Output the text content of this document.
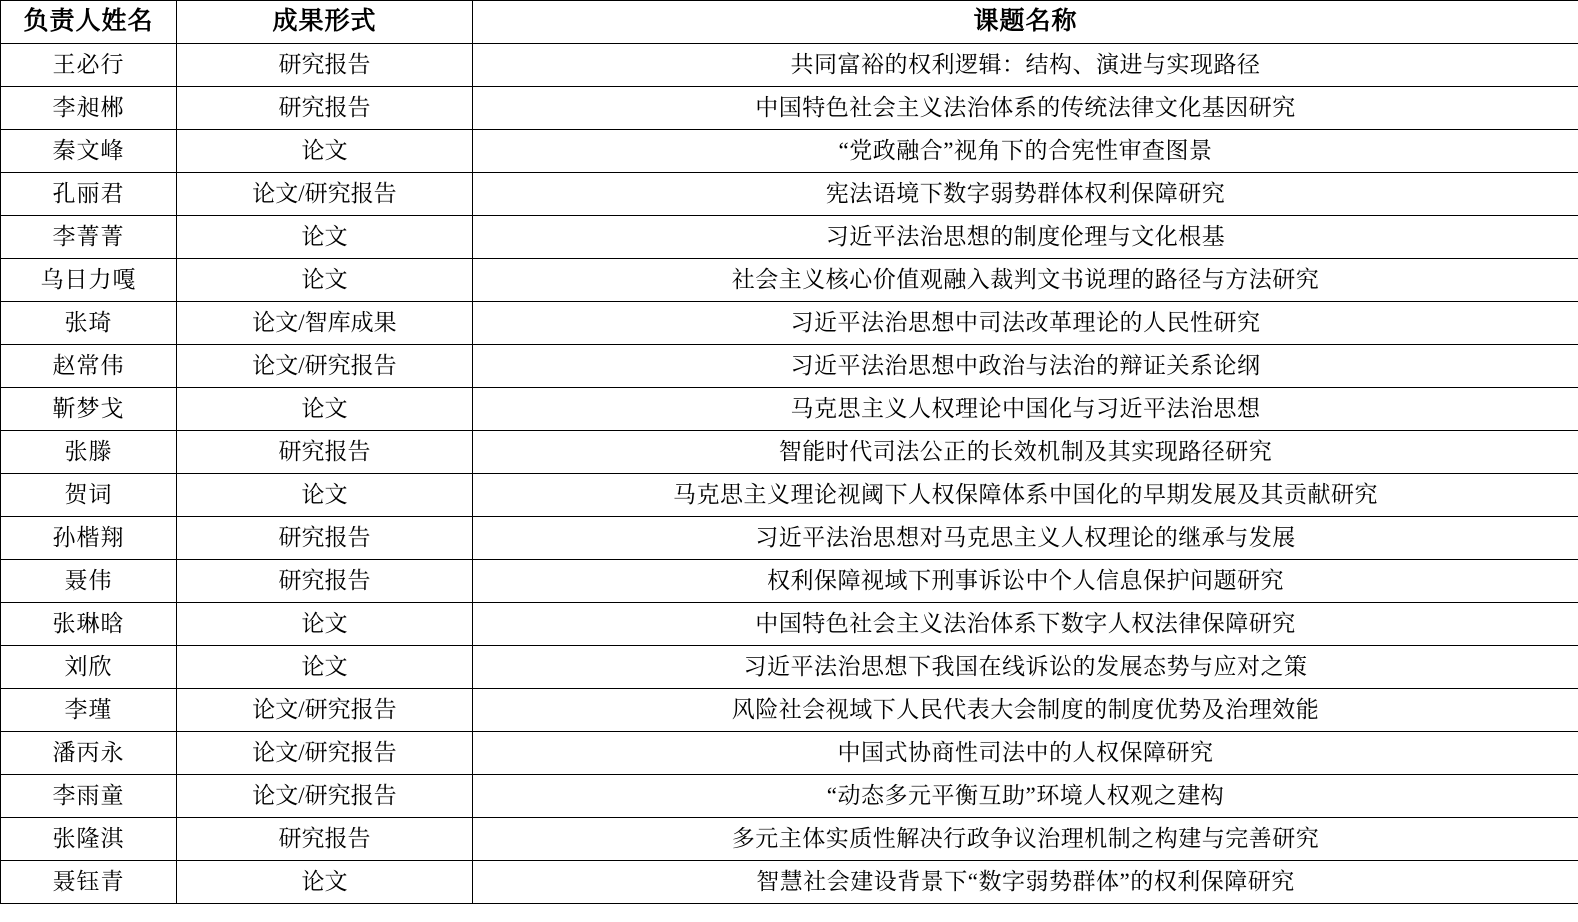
负责人姓名	成果形式	课题名称
王必行	研究报告	共同富裕的权利逻辑：结构、演进与实现路径
李昶郴	研究报告	中国特色社会主义法治体系的传统法律文化基因研究
秦文峰	论文	“党政融合”视角下的合宪性审查图景
孔丽君	论文/研究报告	宪法语境下数字弱势群体权利保障研究
李菁菁	论文	习近平法治思想的制度伦理与文化根基
乌日力嘎	论文	社会主义核心价值观融入裁判文书说理的路径与方法研究
张琦	论文/智库成果	习近平法治思想中司法改革理论的人民性研究
赵常伟	论文/研究报告	习近平法治思想中政治与法治的辩证关系论纲
靳梦戈	论文	马克思主义人权理论中国化与习近平法治思想
张滕	研究报告	智能时代司法公正的长效机制及其实现路径研究
贺词	论文	马克思主义理论视阈下人权保障体系中国化的早期发展及其贡献研究
孙楷翔	研究报告	习近平法治思想对马克思主义人权理论的继承与发展
聂伟	研究报告	权利保障视域下刑事诉讼中个人信息保护问题研究
张琳晗	论文	中国特色社会主义法治体系下数字人权法律保障研究
刘欣	论文	习近平法治思想下我国在线诉讼的发展态势与应对之策
李瑾	论文/研究报告	风险社会视域下人民代表大会制度的制度优势及治理效能
潘丙永	论文/研究报告	中国式协商性司法中的人权保障研究
李雨童	论文/研究报告	“动态多元平衡互助”环境人权观之建构
张隆淇	研究报告	多元主体实质性解决行政争议治理机制之构建与完善研究
聂钰青	论文	智慧社会建设背景下“数字弱势群体”的权利保障研究
